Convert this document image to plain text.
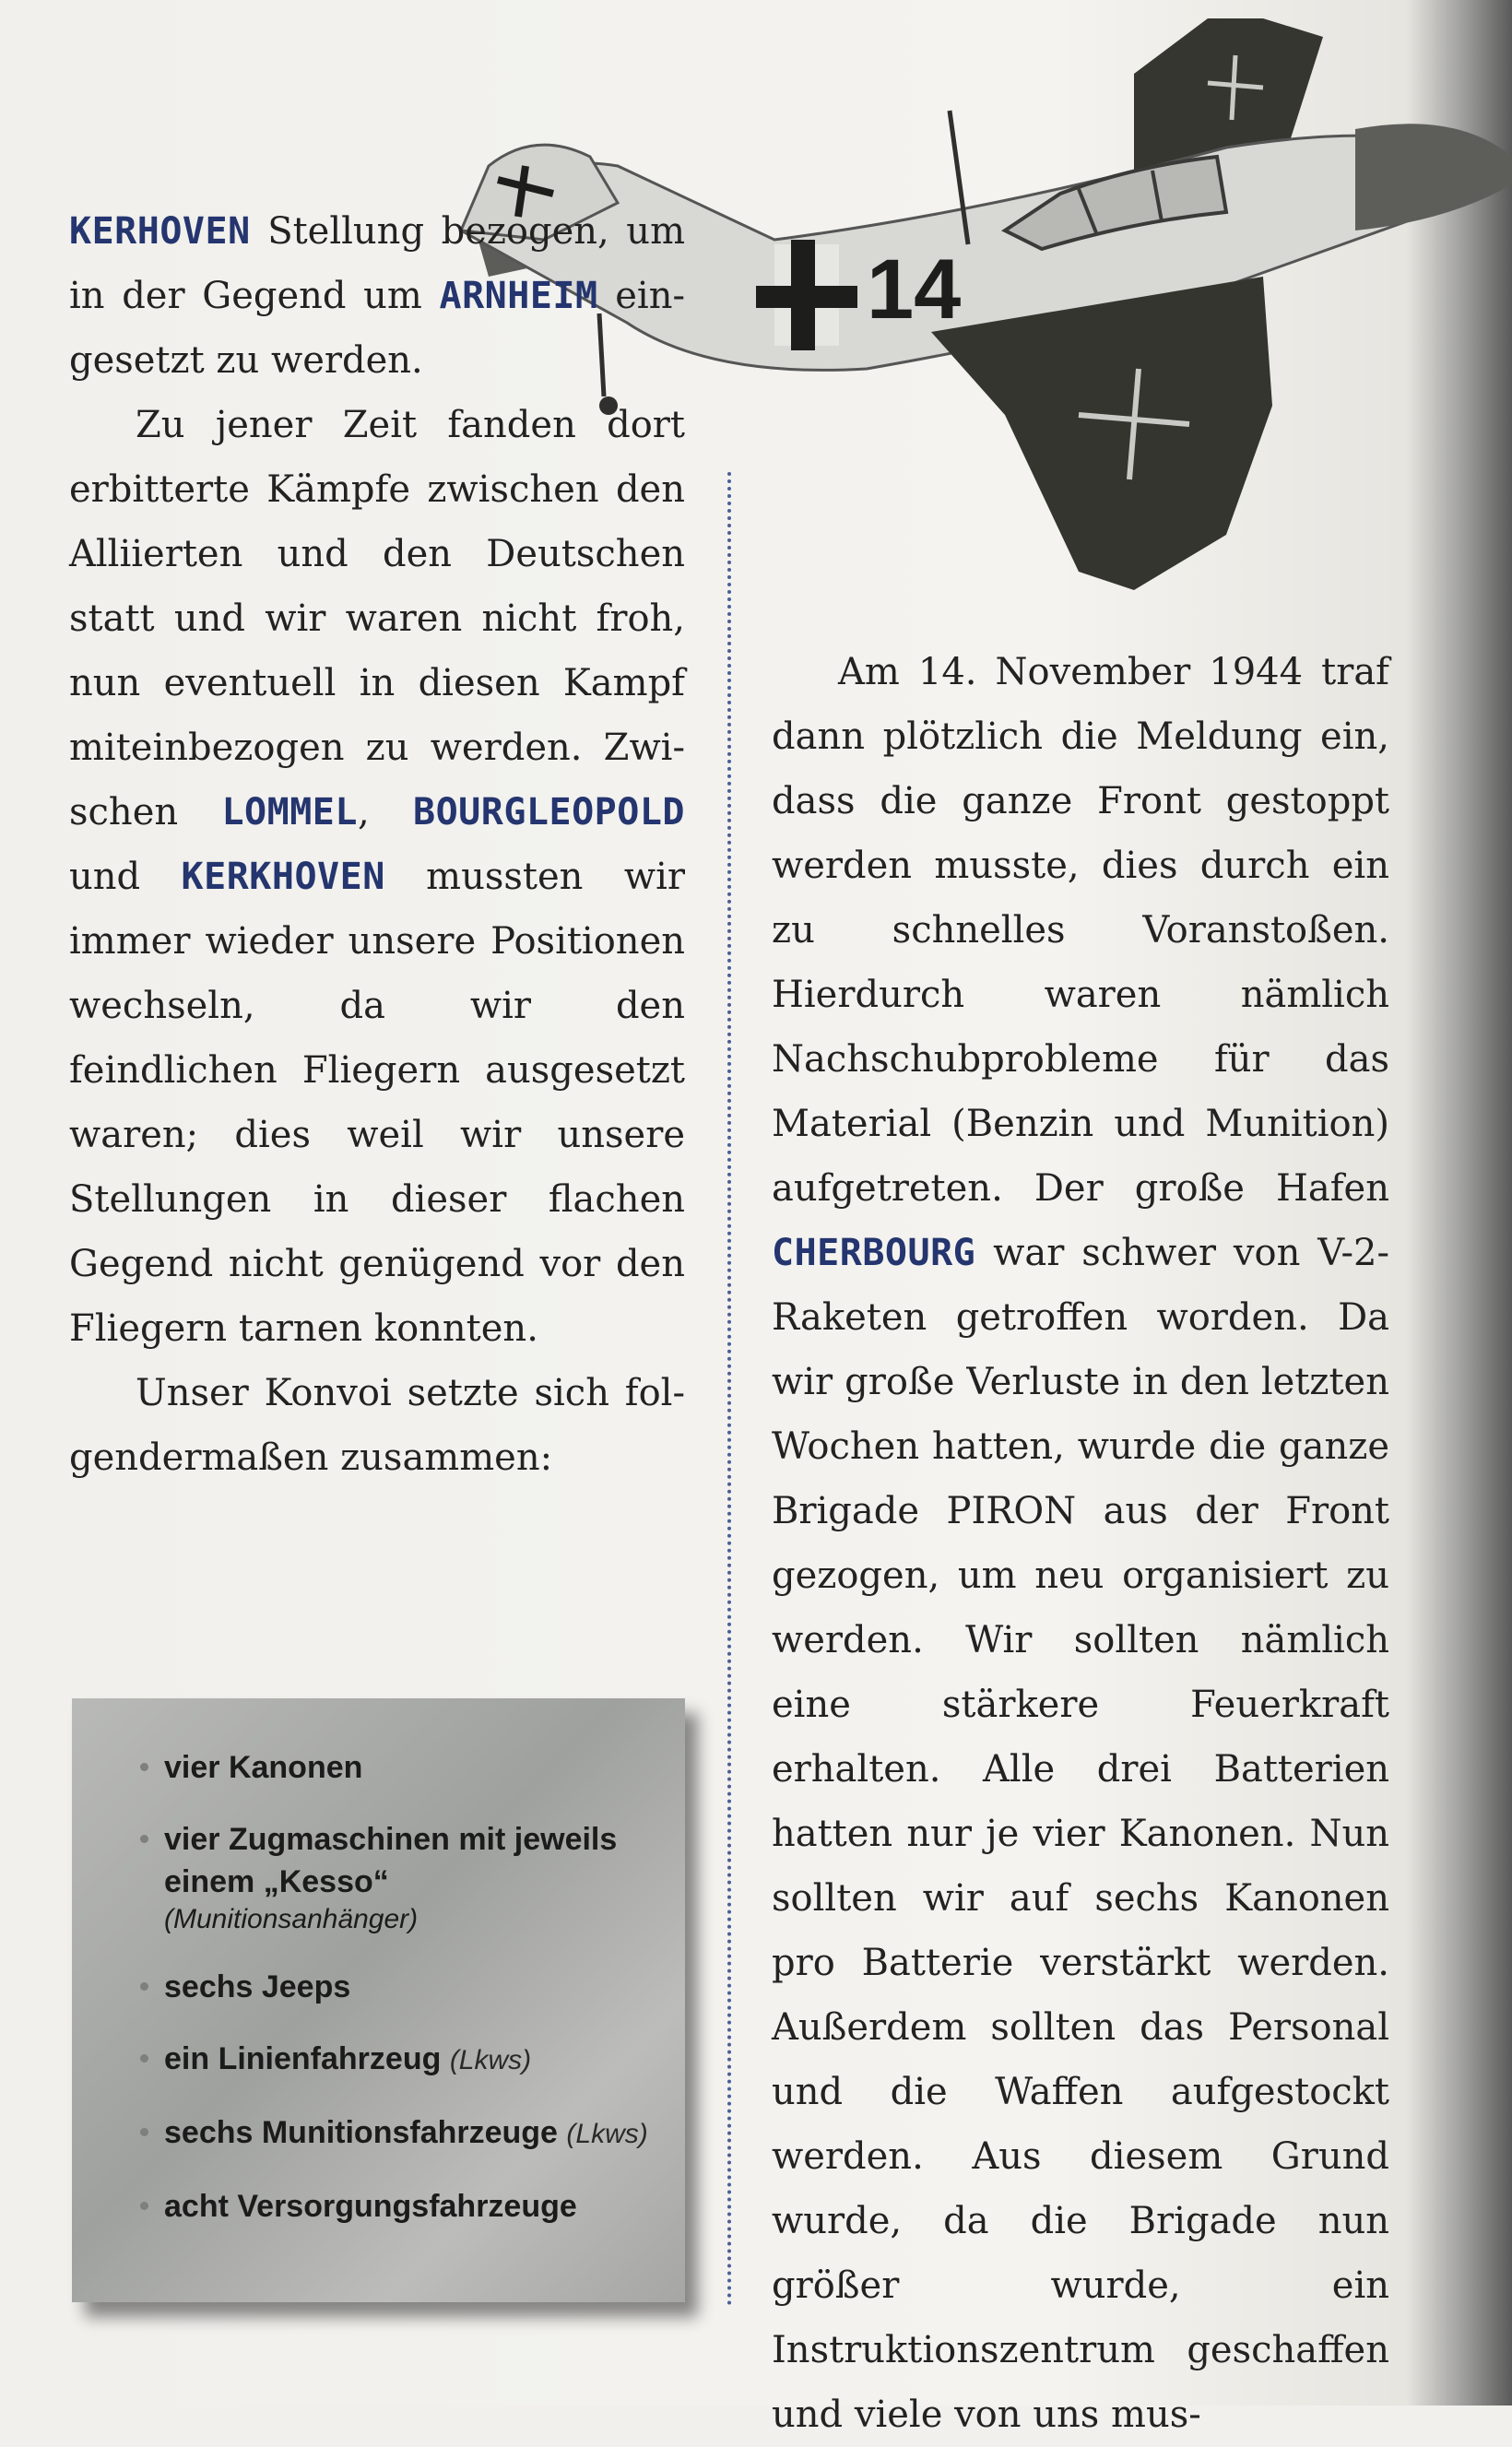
14

KERHOVEN Stellung bezogen, um in der Gegend um ARNHEIM eingesetzt zu werden.

Zu jener Zeit fanden dort erbitterte Kämpfe zwischen den Alliierten und den Deutschen statt und wir waren nicht froh, nun eventuell in diesen Kampf miteinbezogen zu werden. Zwischen LOMMEL, BOURGLEOPOLD und KERKHOVEN mussten wir immer wieder unsere Positionen wechseln, da wir den feindlichen Fliegern ausgesetzt waren; dies weil wir unsere Stellungen in dieser flachen Gegend nicht genügend vor den Fliegern tarnen konnten.

Unser Konvoi setzte sich folgendermaßen zusammen:

vier Kanonen
vier Zugmaschinen mit jeweils einem „Kesso“
(Munitionsanhänger)
sechs Jeeps
ein Linienfahrzeug (Lkws)
sechs Munitionsfahrzeuge (Lkws)
acht Versorgungsfahrzeuge

Am 14. November 1944 traf dann plötzlich die Meldung ein, dass die ganze Front gestoppt werden musste, dies durch ein zu schnelles Voranstoßen. Hierdurch waren nämlich Nachschubprobleme für das Material (Benzin und Munition) aufgetreten. Der große Hafen CHERBOURG war schwer von V-2-Raketen getroffen worden. Da wir große Verluste in den letzten Wochen hatten, wurde die ganze Brigade PIRON aus der Front gezogen, um neu organisiert zu werden. Wir sollten nämlich eine stärkere Feuerkraft erhalten. Alle drei Batterien hatten nur je vier Kanonen. Nun sollten wir auf sechs Kanonen pro Batterie verstärkt werden. Außerdem sollten das Personal und die Waffen aufgestockt werden. Aus diesem Grund wurde, da die Brigade nun größer wurde, ein Instruktionszentrum geschaffen und viele von uns mus-
